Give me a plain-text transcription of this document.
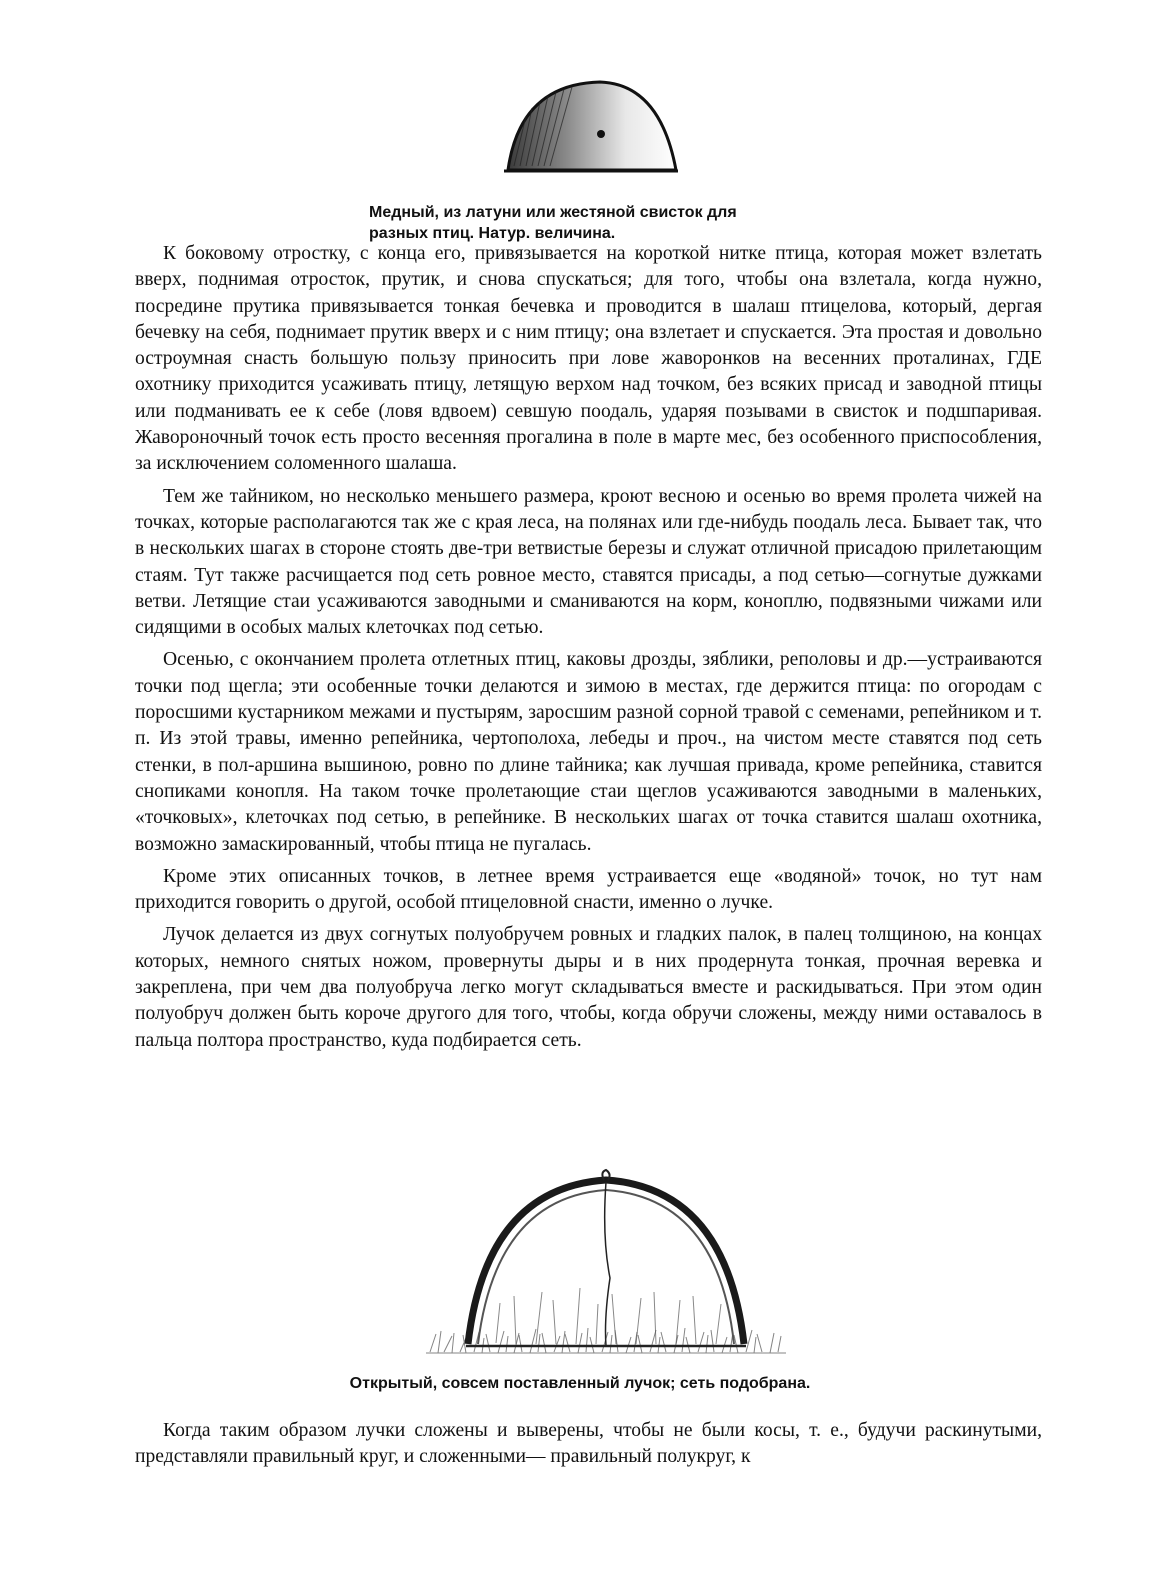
Медный, из латуни или жестяной свисток для
разных птиц. Натур. величина.

К боковому отростку, с конца его, привязывается на короткой нитке птица, которая может взлетать вверх, поднимая отросток, прутик, и снова спускаться; для того, чтобы она взлетала, когда нужно, посредине прутика привязывается тонкая бечевка и проводится в шалаш птицелова, который, дергая бечевку на себя, поднимает прутик вверх и с ним птицу; она взлетает и спускается. Эта простая и довольно остроумная снасть большую пользу приносить при лове жаворонков на весенних проталинах, ГДЕ охотнику приходится усаживать птицу, летящую верхом над точком, без всяких присад и заводной птицы или подманивать ее к себе (ловя вдвоем) севшую поодаль, ударяя позывами в свисток и подшпаривая. Жавороночный точок есть просто весенняя прогалина в поле в марте мес, без особенного приспособления, за исключением соломенного шалаша.

Тем же тайником, но несколько меньшего размера, кроют весною и осенью во время пролета чижей на точках, которые располагаются так же с края леса, на полянах или где-нибудь поодаль леса. Бывает так, что в нескольких шагах в стороне стоять две-три ветвистые березы и служат отличной присадою прилетающим стаям. Тут также расчищается под сеть ровное место, ставятся присады, а под сетью—согнутые дужками ветви. Летящие стаи усаживаются заводными и сманиваются на корм, коноплю, подвязными чижами или сидящими в особых малых клеточках под сетью.

Осенью, с окончанием пролета отлетных птиц, каковы дрозды, зяблики, реполовы и др.—устраиваются точки под щегла; эти особенные точки делаются и зимою в местах, где держится птица: по огородам с поросшими кустарником межами и пустырям, заросшим разной сорной травой с семенами, репейником и т. п. Из этой травы, именно репейника, чертополоха, лебеды и проч., на чистом месте ставятся под сеть стенки, в пол-аршина вышиною, ровно по длине тайника; как лучшая привада, кроме репейника, ставится снопиками конопля. На таком точке пролетающие стаи щеглов усаживаются заводными в маленьких, «точковых», клеточках под сетью, в репейнике. В нескольких шагах от точка ставится шалаш охотника, возможно замаскированный, чтобы птица не пугалась.

Кроме этих описанных точков, в летнее время устраивается еще «водяной» точок, но тут нам приходится говорить о другой, особой птицеловной снасти, именно о лучке.

Лучок делается из двух согнутых полуобручем ровных и гладких палок, в палец толщиною, на концах которых, немного снятых ножом, провернуты дыры и в них продернута тонкая, прочная веревка и закреплена, при чем два полуобруча легко могут складываться вместе и раскидываться. При этом один полуобруч должен быть короче другого для того, чтобы, когда обручи сложены, между ними оставалось в пальца полтора пространство, куда подбирается сеть.

Открытый, совсем поставленный лучок; сеть подобрана.

Когда таким образом лучки сложены и выверены, чтобы не были косы, т. е., будучи раскинутыми, представляли правильный круг, и сложенными— правильный полукруг, к
